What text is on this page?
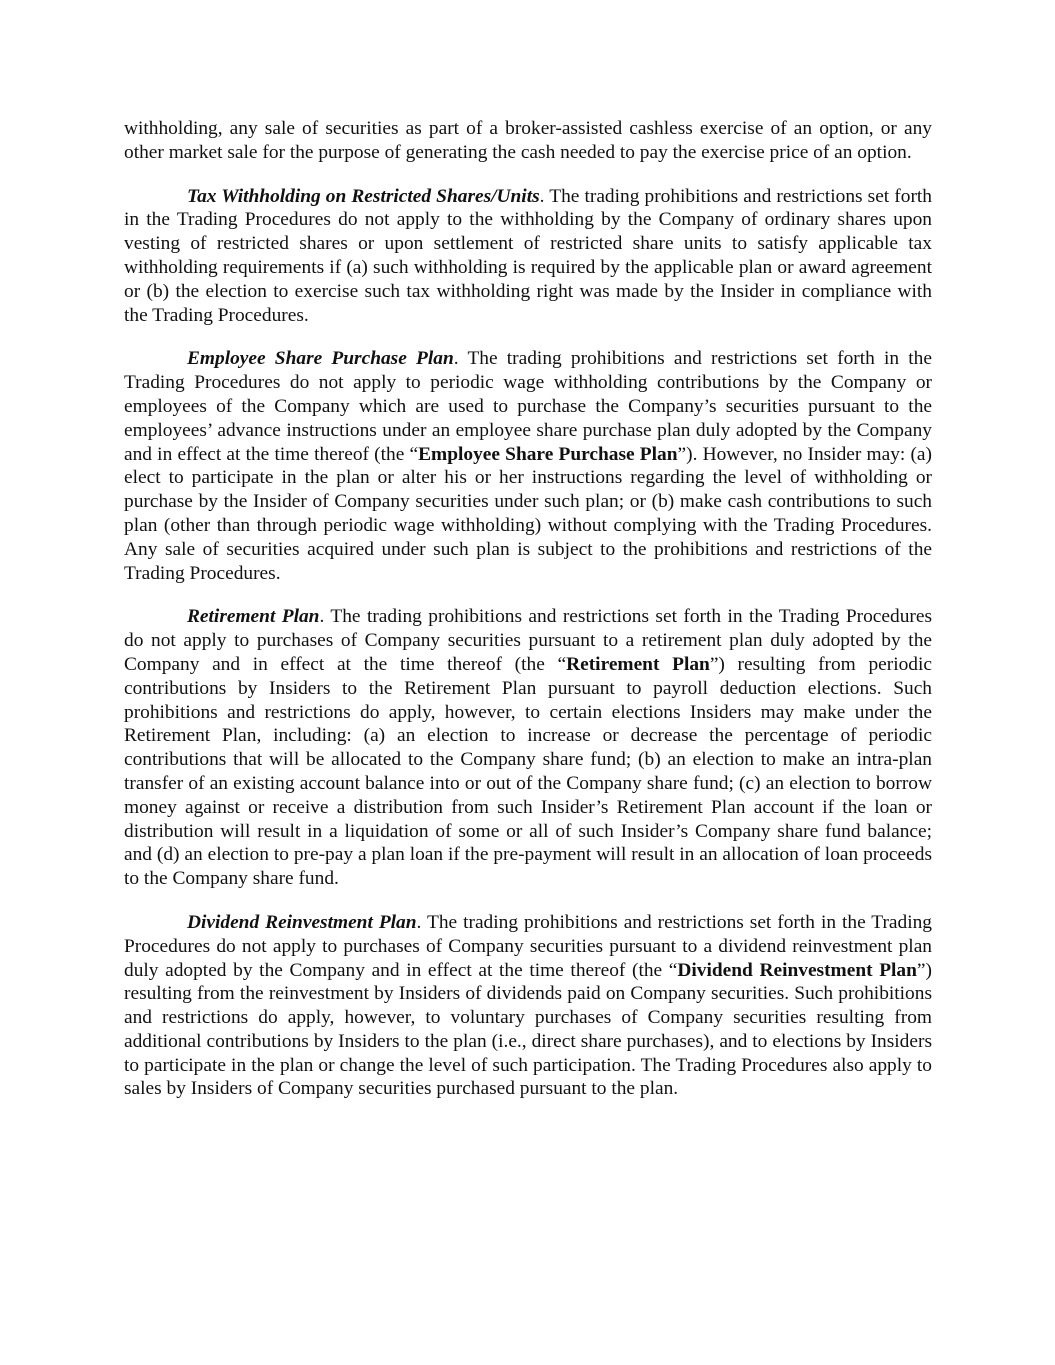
withholding, any sale of securities as part of a broker-assisted cashless exercise of an option, or any other market sale for the purpose of generating the cash needed to pay the exercise price of an option.

Tax Withholding on Restricted Shares/Units. The trading prohibitions and restrictions set forth in the Trading Procedures do not apply to the withholding by the Company of ordinary shares upon vesting of restricted shares or upon settlement of restricted share units to satisfy applicable tax withholding requirements if (a) such withholding is required by the applicable plan or award agreement or (b) the election to exercise such tax withholding right was made by the Insider in compliance with the Trading Procedures.

Employee Share Purchase Plan. The trading prohibitions and restrictions set forth in the Trading Procedures do not apply to periodic wage withholding contributions by the Company or employees of the Company which are used to purchase the Company’s securities pursuant to the employees’ advance instructions under an employee share purchase plan duly adopted by the Company and in effect at the time thereof (the “Employee Share Purchase Plan”). However, no Insider may: (a) elect to participate in the plan or alter his or her instructions regarding the level of withholding or purchase by the Insider of Company securities under such plan; or (b) make cash contributions to such plan (other than through periodic wage withholding) without complying with the Trading Procedures. Any sale of securities acquired under such plan is subject to the prohibitions and restrictions of the Trading Procedures.

Retirement Plan. The trading prohibitions and restrictions set forth in the Trading Procedures do not apply to purchases of Company securities pursuant to a retirement plan duly adopted by the Company and in effect at the time thereof (the “Retirement Plan”) resulting from periodic contributions by Insiders to the Retirement Plan pursuant to payroll deduction elections. Such prohibitions and restrictions do apply, however, to certain elections Insiders may make under the Retirement Plan, including: (a) an election to increase or decrease the percentage of periodic contributions that will be allocated to the Company share fund; (b) an election to make an intra-plan transfer of an existing account balance into or out of the Company share fund; (c) an election to borrow money against or receive a distribution from such Insider’s Retirement Plan account if the loan or distribution will result in a liquidation of some or all of such Insider’s Company share fund balance; and (d) an election to pre-pay a plan loan if the pre-payment will result in an allocation of loan proceeds to the Company share fund.

Dividend Reinvestment Plan. The trading prohibitions and restrictions set forth in the Trading Procedures do not apply to purchases of Company securities pursuant to a dividend reinvestment plan duly adopted by the Company and in effect at the time thereof (the “Dividend Reinvestment Plan”) resulting from the reinvestment by Insiders of dividends paid on Company securities. Such prohibitions and restrictions do apply, however, to voluntary purchases of Company securities resulting from additional contributions by Insiders to the plan (i.e., direct share purchases), and to elections by Insiders to participate in the plan or change the level of such participation. The Trading Procedures also apply to sales by Insiders of Company securities purchased pursuant to the plan.
